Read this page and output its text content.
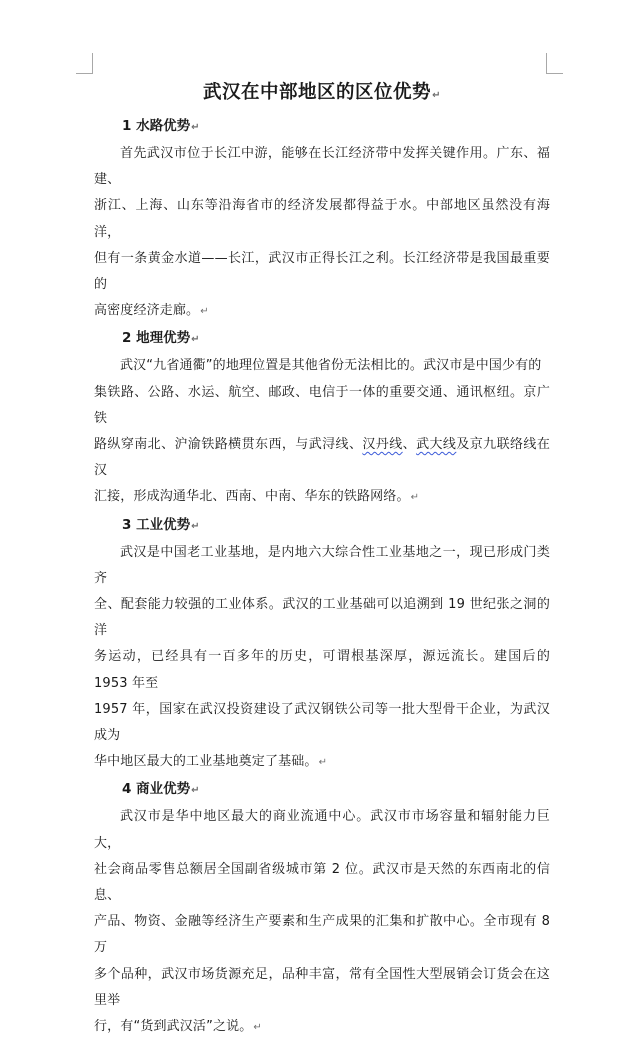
武汉在中部地区的区位优势↵
1 水路优势↵

首先武汉市位于长江中游，能够在长江经济带中发挥关键作用。广东、福建、
浙江、上海、山东等沿海省市的经济发展都得益于水。中部地区虽然没有海洋，
但有一条黄金水道——长江，武汉市正得长江之利。长江经济带是我国最重要的
高密度经济走廊。↵

2 地理优势↵

武汉“九省通衢”的地理位置是其他省份无法相比的。武汉市是中国少有的
集铁路、公路、水运、航空、邮政、电信于一体的重要交通、通讯枢纽。京广铁
路纵穿南北、沪渝铁路横贯东西，与武浔线、汉丹线、武大线及京九联络线在汉
汇接，形成沟通华北、西南、中南、华东的铁路网络。↵

3 工业优势↵

武汉是中国老工业基地，是内地六大综合性工业基地之一，现已形成门类齐
全、配套能力较强的工业体系。武汉的工业基础可以追溯到 19 世纪张之洞的洋
务运动，已经具有一百多年的历史，可谓根基深厚，源远流长。建国后的 1953 年至
1957 年，国家在武汉投资建设了武汉钢铁公司等一批大型骨干企业，为武汉成为
华中地区最大的工业基地奠定了基础。↵

4 商业优势↵

武汉市是华中地区最大的商业流通中心。武汉市市场容量和辐射能力巨大，
社会商品零售总额居全国副省级城市第 2 位。武汉市是天然的东西南北的信息、
产品、物资、金融等经济生产要素和生产成果的汇集和扩散中心。全市现有 8 万
多个品种，武汉市场货源充足，品种丰富，常有全国性大型展销会订货会在这里举
行，有“货到武汉活”之说。↵
